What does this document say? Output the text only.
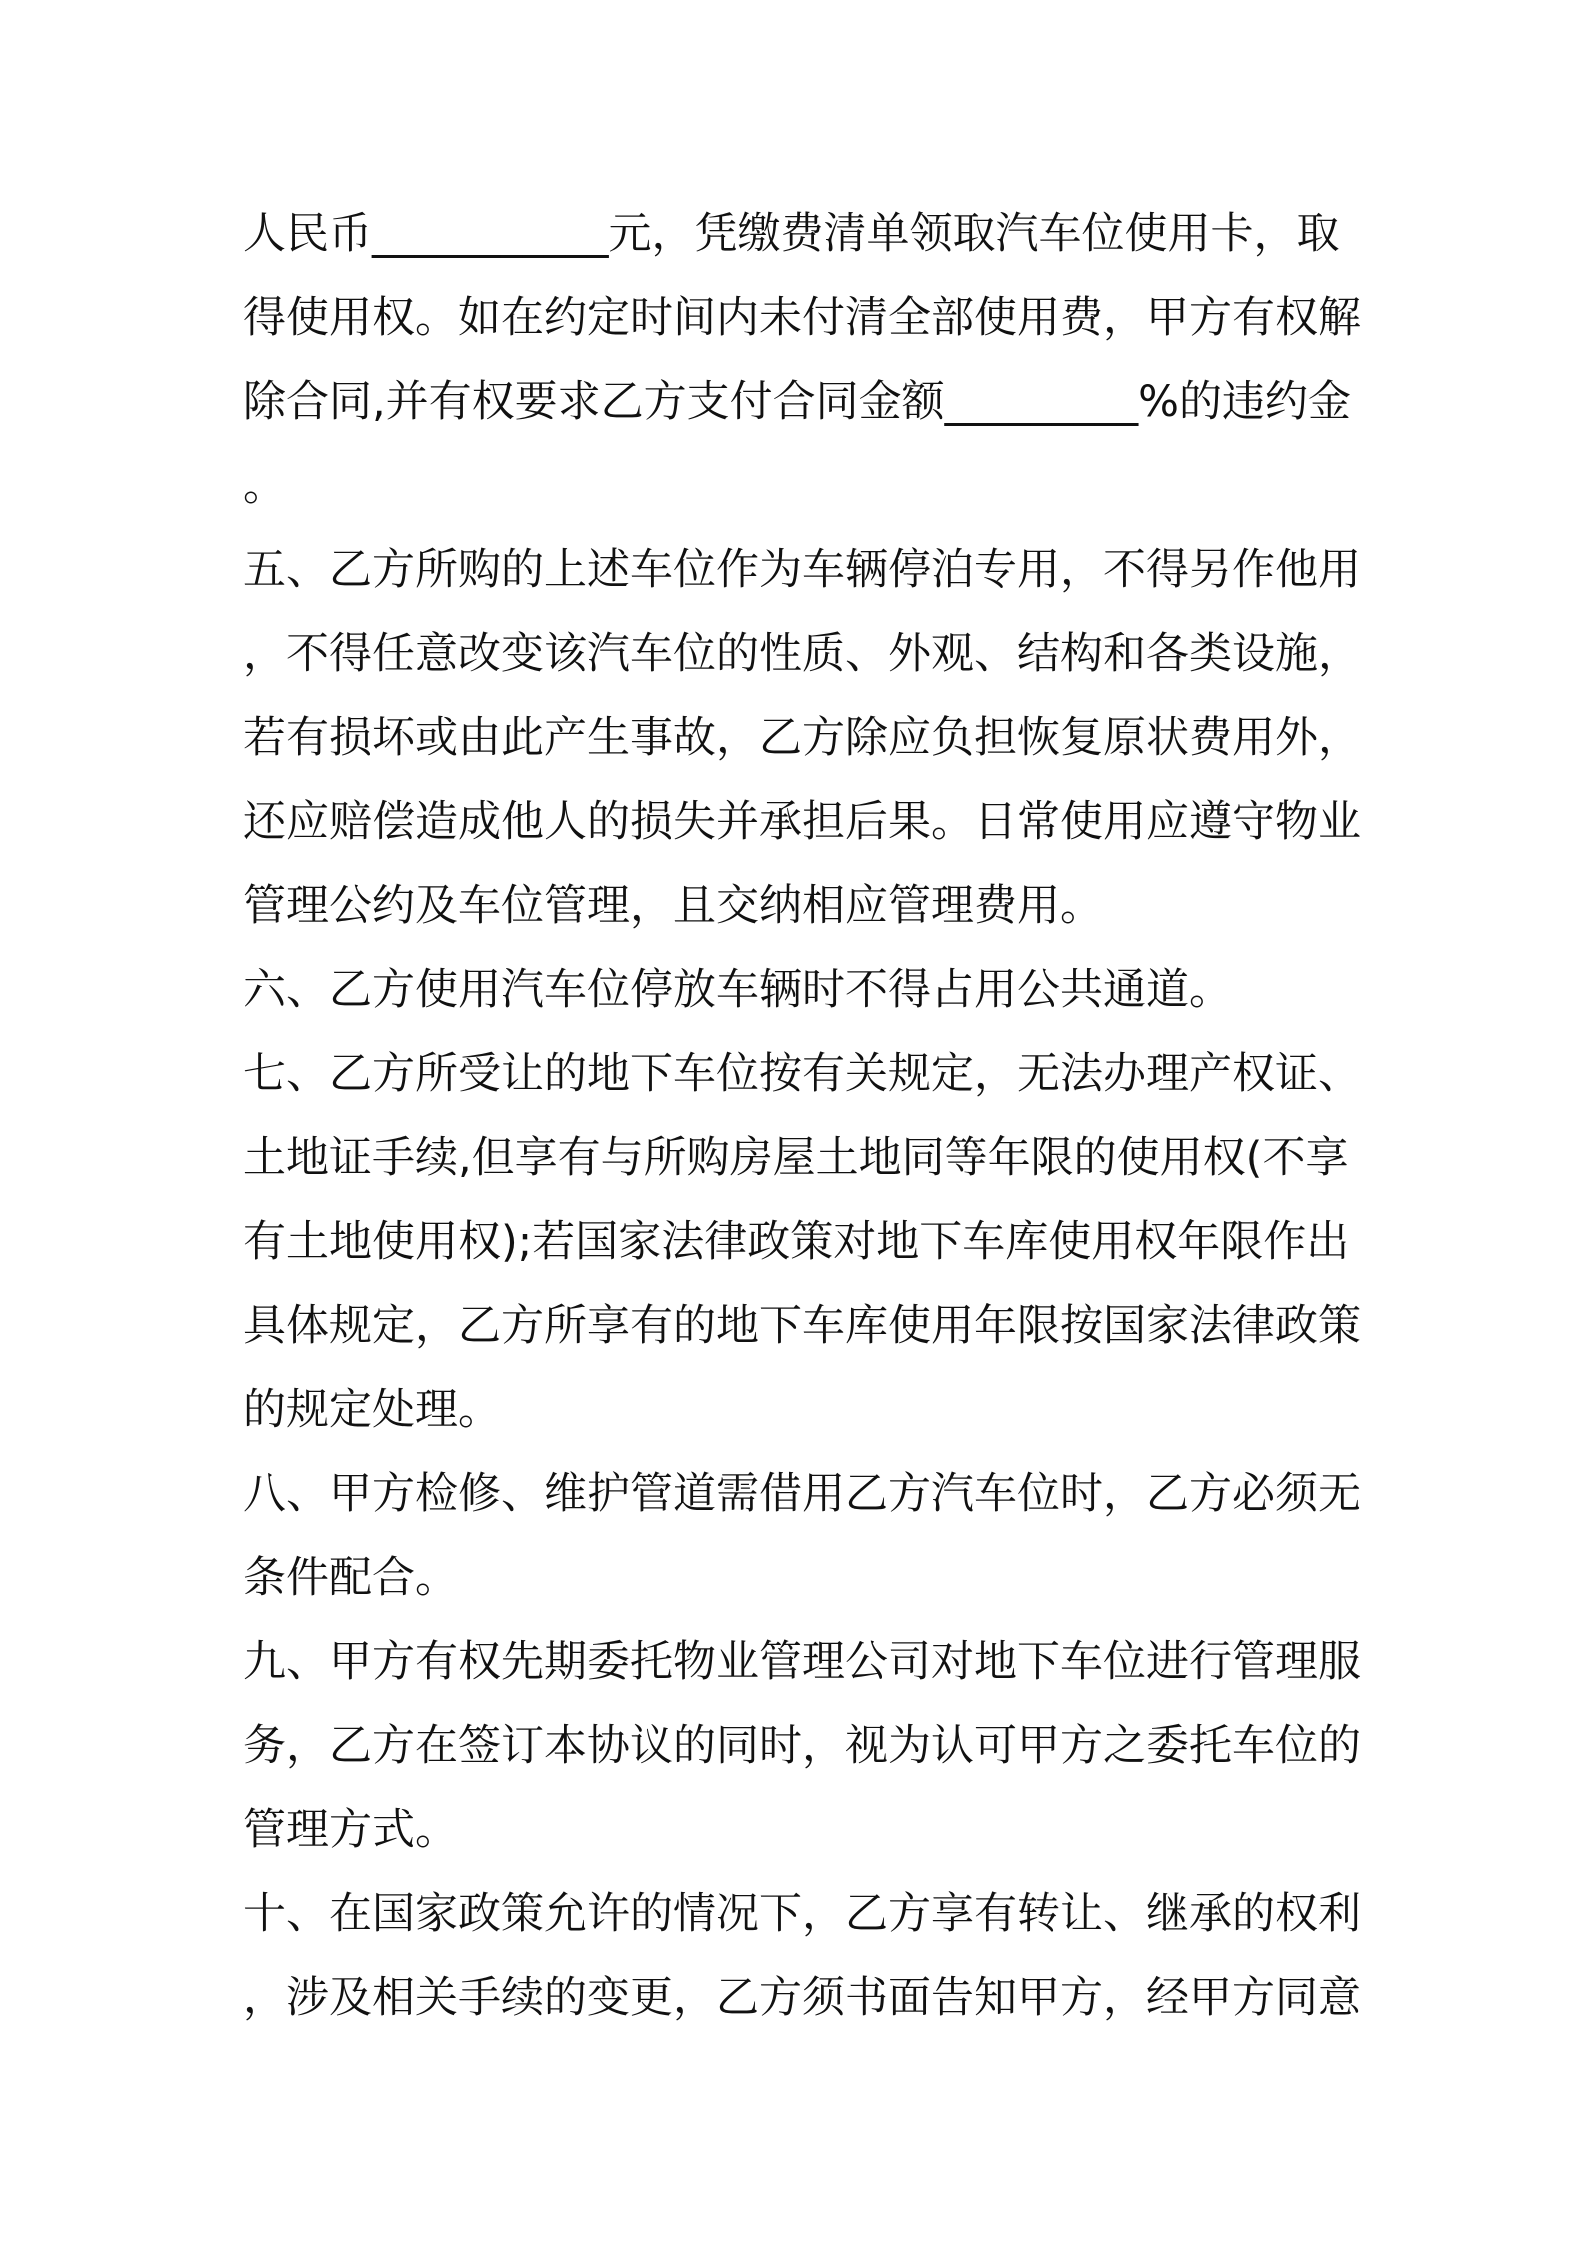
人民币___________元，凭缴费清单领取汽车位使用卡，取
得使用权。如在约定时间内未付清全部使用费，甲方有权解
除合同,并有权要求乙方支付合同金额_________%的违约金
。
五、乙方所购的上述车位作为车辆停泊专用，不得另作他用
，不得任意改变该汽车位的性质、外观、结构和各类设施，
若有损坏或由此产生事故，乙方除应负担恢复原状费用外，
还应赔偿造成他人的损失并承担后果。日常使用应遵守物业
管理公约及车位管理，且交纳相应管理费用。
六、乙方使用汽车位停放车辆时不得占用公共通道。
七、乙方所受让的地下车位按有关规定，无法办理产权证、
土地证手续,但享有与所购房屋土地同等年限的使用权(不享
有土地使用权);若国家法律政策对地下车库使用权年限作出
具体规定，乙方所享有的地下车库使用年限按国家法律政策
的规定处理。
八、甲方检修、维护管道需借用乙方汽车位时，乙方必须无
条件配合。
九、甲方有权先期委托物业管理公司对地下车位进行管理服
务，乙方在签订本协议的同时，视为认可甲方之委托车位的
管理方式。
十、在国家政策允许的情况下，乙方享有转让、继承的权利
，涉及相关手续的变更，乙方须书面告知甲方，经甲方同意
